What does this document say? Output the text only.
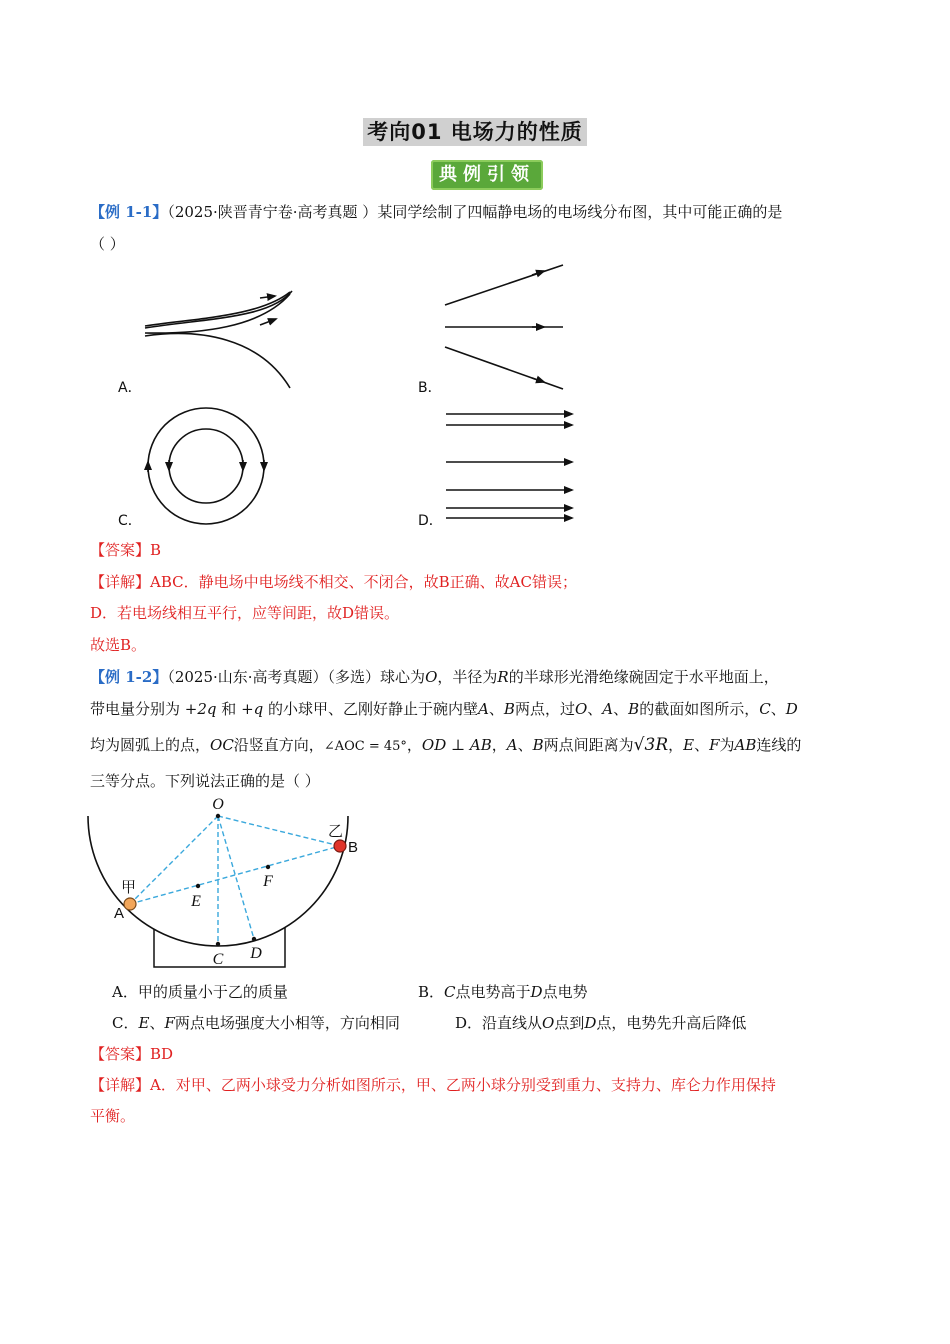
考向01 电场力的性质
典例引领
【例 1-1】（2025·陕晋青宁卷·高考真题 ）某同学绘制了四幅静电场的电场线分布图，其中可能正确的是
（ ）
A．	B．
C．	D．
【答案】B
【详解】ABC．静电场中电场线不相交、不闭合，故B正确、故AC错误；
D．若电场线相互平行，应等间距，故D错误。
故选B。
【例 1-2】（2025·山东·高考真题）（多选）球心为O，半径为R的半球形光滑绝缘碗固定于水平地面上，
带电量分别为 +2q 和 +q 的小球甲、乙刚好静止于碗内壁A、B两点，过O、A、B的截面如图所示，C、D
均为圆弧上的点，OC沿竖直方向，∠AOC = 45°，OD ⊥ AB，A、B两点间距离为√3R，E、F为AB连线的
三等分点。下列说法正确的是（ ）
O
E
F
C D
A
B
甲
乙
A．甲的质量小于乙的质量	B．C点电势高于D点电势
C．E、F两点电场强度大小相等，方向相同	D．沿直线从O点到D点，电势先升高后降低
【答案】BD
【详解】A．对甲、乙两小球受力分析如图所示，甲、乙两小球分别受到重力、支持力、库仑力作用保持
平衡。
